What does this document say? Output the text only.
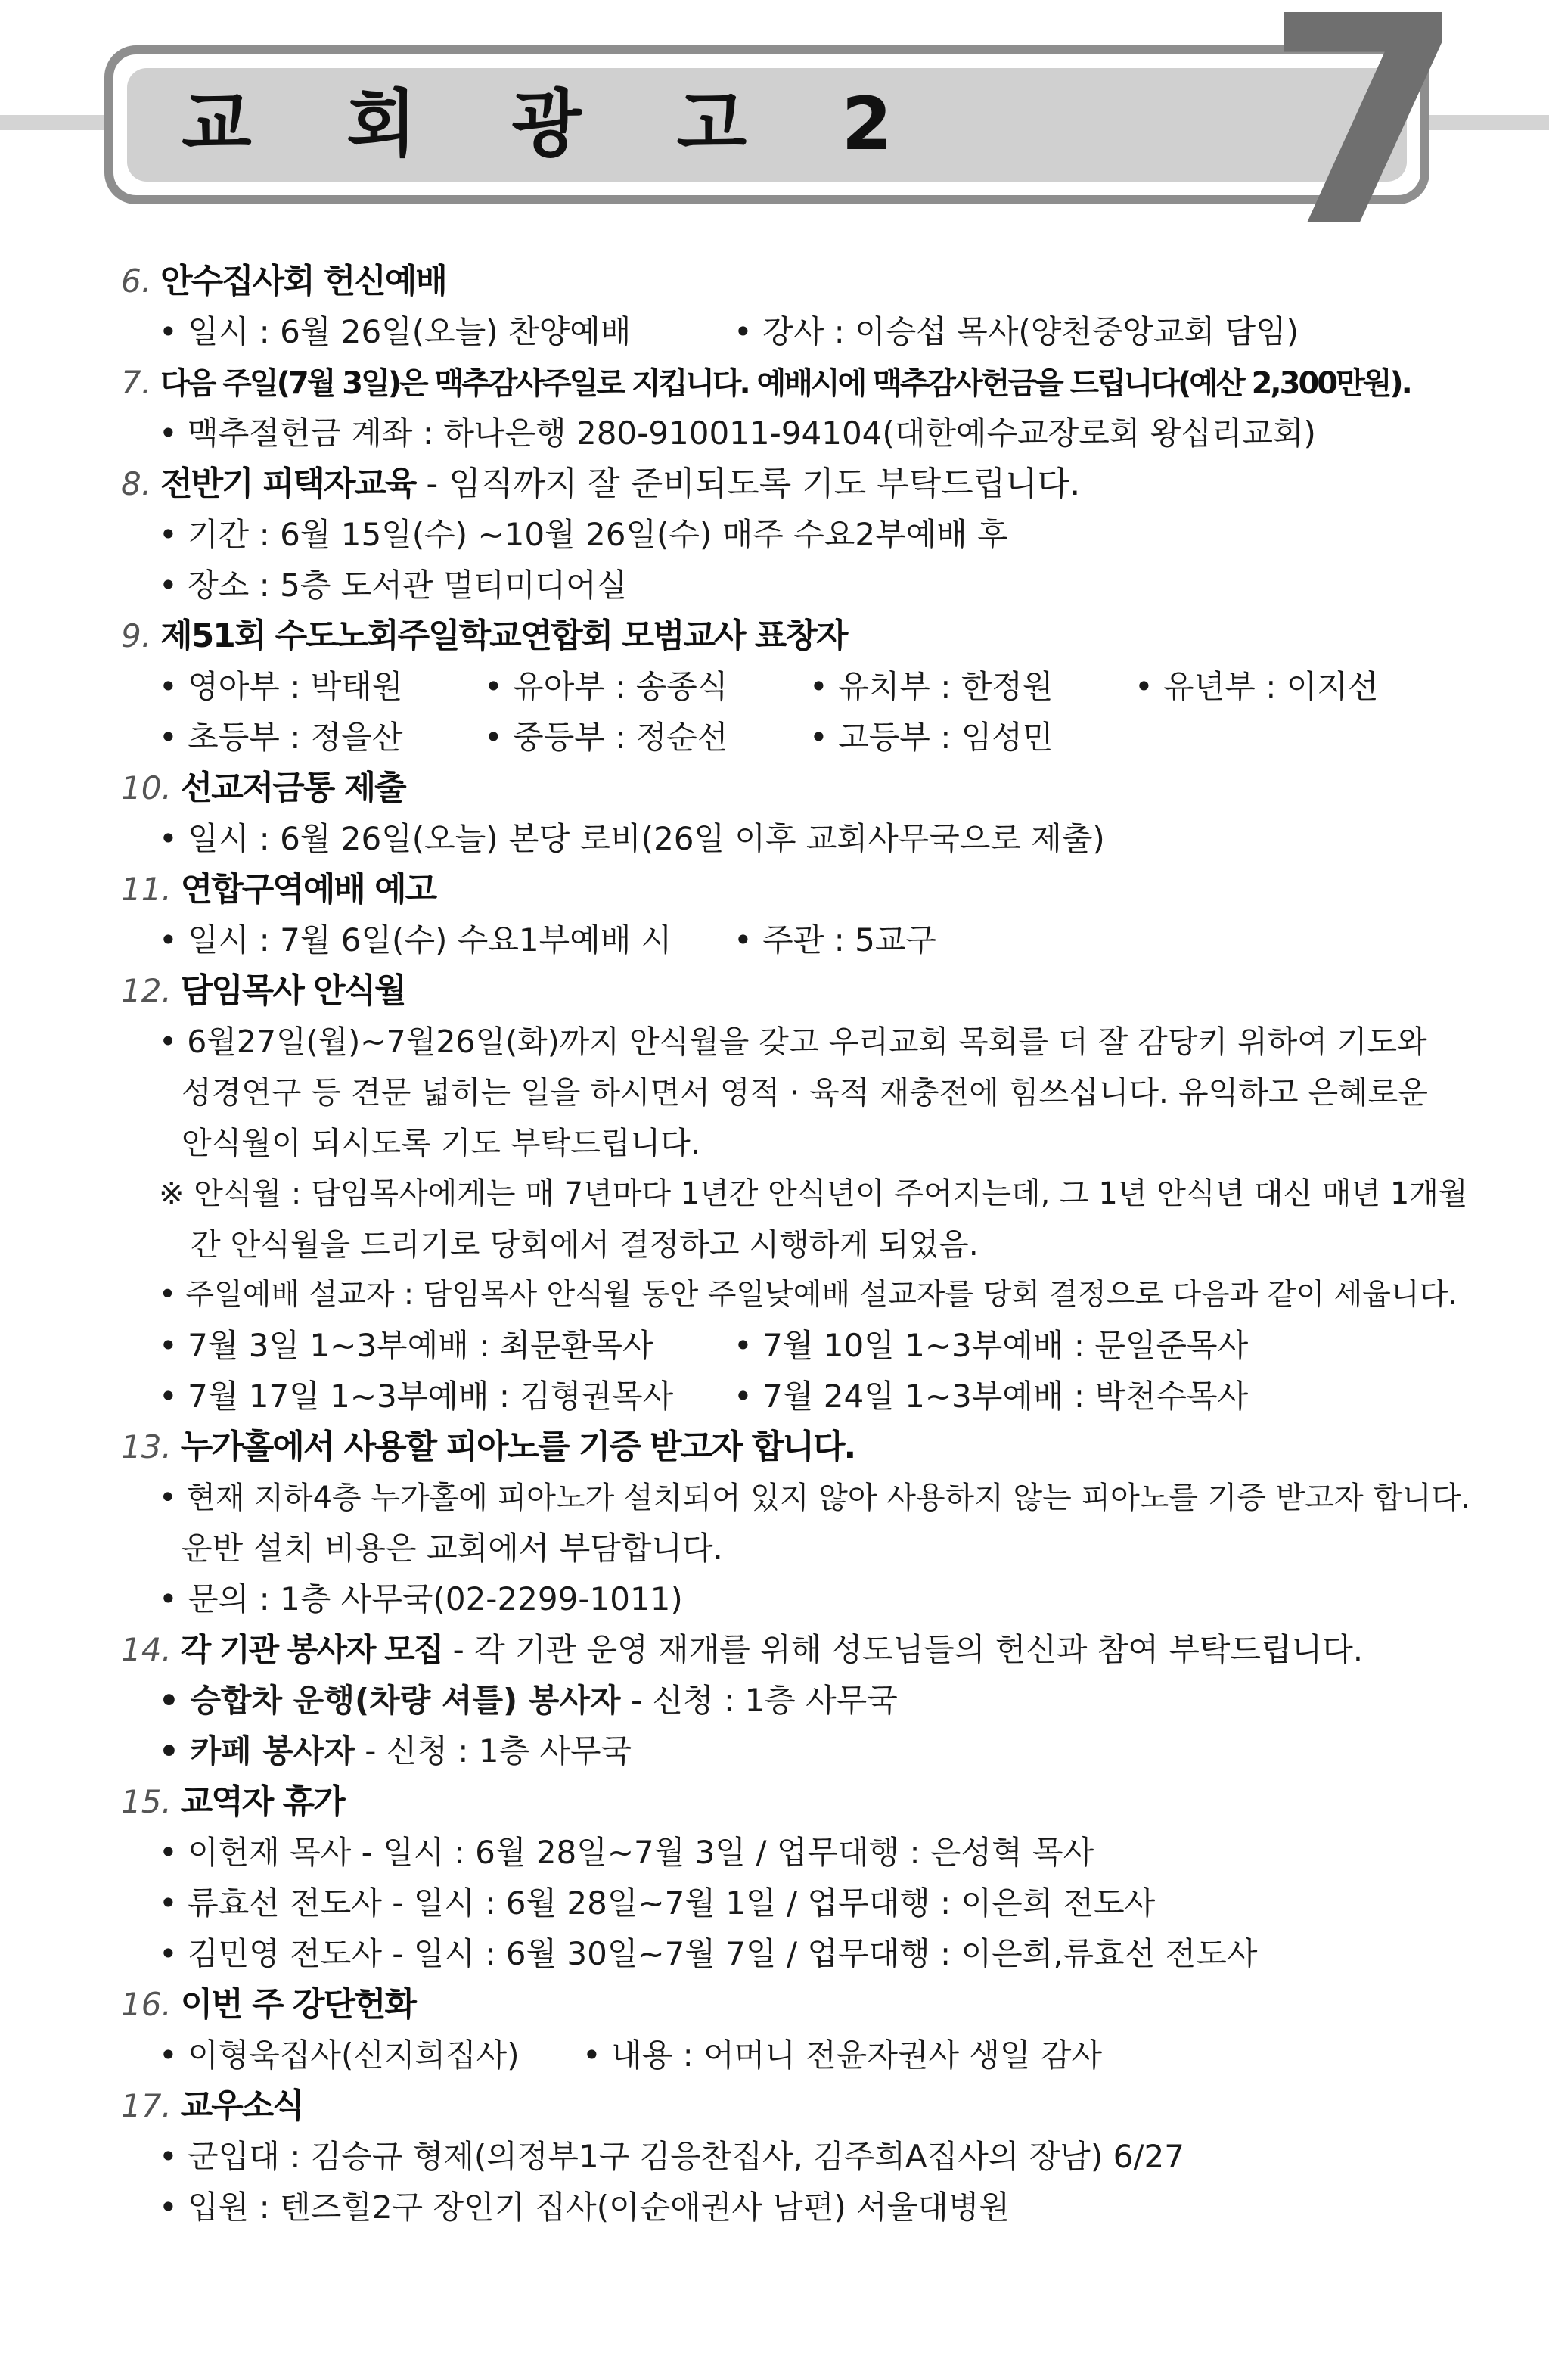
교 회 광 고 2 7
6. 안수집사회 헌신예배
• 일시 : 6월 26일(오늘) 찬양예배	• 강사 : 이승섭 목사(양천중앙교회 담임)
7. 다음 주일(7월 3일)은 맥추감사주일로 지킵니다. 예배시에 맥추감사헌금을 드립니다(예산 2,300만원).
• 맥추절헌금 계좌 : 하나은행 280-910011-94104(대한예수교장로회 왕십리교회)
8. 전반기 피택자교육 - 임직까지 잘 준비되도록 기도 부탁드립니다.
• 기간 : 6월 15일(수) ~10월 26일(수) 매주 수요2부예배 후
• 장소 : 5층 도서관 멀티미디어실
9. 제51회 수도노회주일학교연합회 모범교사 표창자
• 영아부 : 박태원	• 유아부 : 송종식	• 유치부 : 한정원	• 유년부 : 이지선
• 초등부 : 정을산	• 중등부 : 정순선	• 고등부 : 임성민
10. 선교저금통 제출
• 일시 : 6월 26일(오늘) 본당 로비(26일 이후 교회사무국으로 제출)
11. 연합구역예배 예고
• 일시 : 7월 6일(수) 수요1부예배 시 • 주관 : 5교구
12. 담임목사 안식월
• 6월27일(월)~7월26일(화)까지 안식월을 갖고 우리교회 목회를 더 잘 감당키 위하여 기도와
성경연구 등 견문 넓히는 일을 하시면서 영적 · 육적 재충전에 힘쓰십니다. 유익하고 은혜로운
안식월이 되시도록 기도 부탁드립니다.
※ 안식월 : 담임목사에게는 매 7년마다 1년간 안식년이 주어지는데, 그 1년 안식년 대신 매년 1개월
간 안식월을 드리기로 당회에서 결정하고 시행하게 되었음.
• 주일예배 설교자 : 담임목사 안식월 동안 주일낮예배 설교자를 당회 결정으로 다음과 같이 세웁니다.
• 7월 3일 1~3부예배 : 최문환목사	• 7월 10일 1~3부예배 : 문일준목사
• 7월 17일 1~3부예배 : 김형권목사 • 7월 24일 1~3부예배 : 박천수목사
13. 누가홀에서 사용할 피아노를 기증 받고자 합니다.
• 현재 지하4층 누가홀에 피아노가 설치되어 있지 않아 사용하지 않는 피아노를 기증 받고자 합니다.
운반 설치 비용은 교회에서 부담합니다.
• 문의 : 1층 사무국(02-2299-1011)
14. 각 기관 봉사자 모집 - 각 기관 운영 재개를 위해 성도님들의 헌신과 참여 부탁드립니다.
• 승합차 운행(차량 셔틀) 봉사자 - 신청 : 1층 사무국
• 카페 봉사자 - 신청 : 1층 사무국
15. 교역자 휴가
• 이헌재 목사 - 일시 : 6월 28일~7월 3일 / 업무대행 : 은성혁 목사
• 류효선 전도사 - 일시 : 6월 28일~7월 1일 / 업무대행 : 이은희 전도사
• 김민영 전도사 - 일시 : 6월 30일~7월 7일 / 업무대행 : 이은희,류효선 전도사
16. 이번 주 강단헌화
• 이형욱집사(신지희집사) • 내용 : 어머니 전윤자권사 생일 감사
17. 교우소식
• 군입대 : 김승규 형제(의정부1구 김응찬집사, 김주희A집사의 장남) 6/27
• 입원 : 텐즈힐2구 장인기 집사(이순애권사 남편) 서울대병원
